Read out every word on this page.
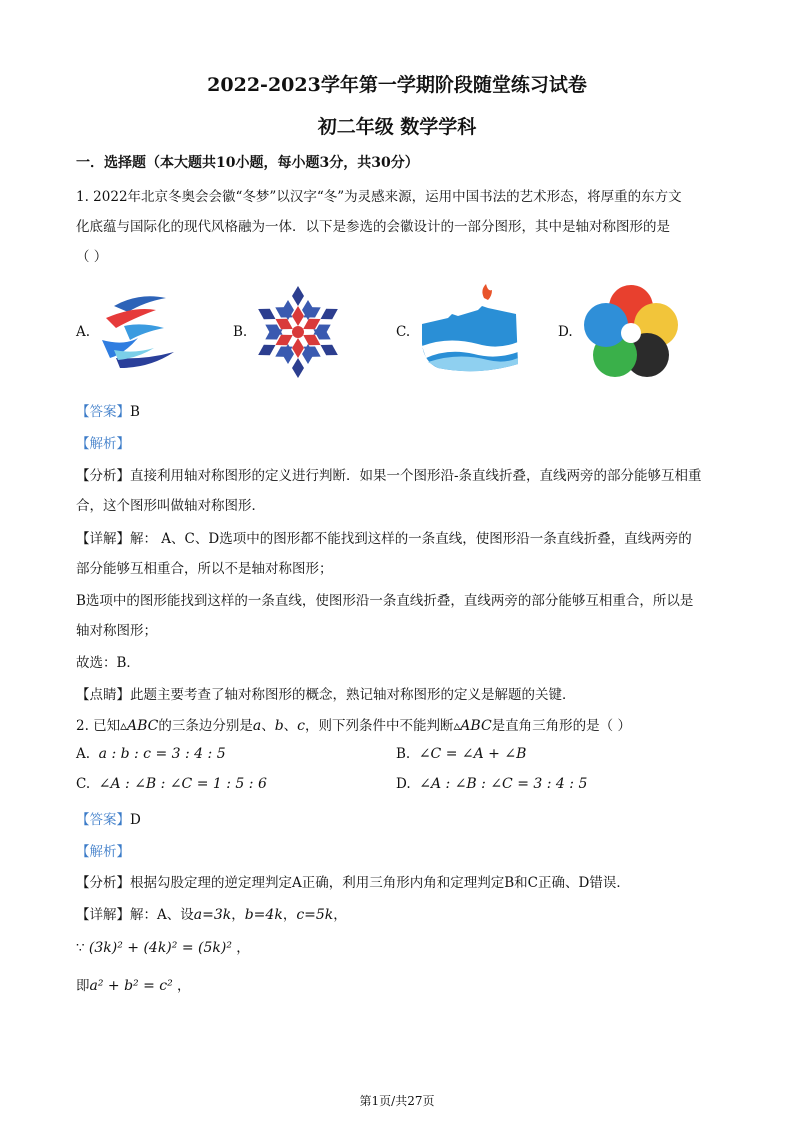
2022-2023学年第一学期阶段随堂练习试卷
初二年级 数学学科
一．选择题（本大题共10小题，每小题3分，共30分）
1. 2022年北京冬奥会会徽“冬梦”以汉字“冬”为灵感来源，运用中国书法的艺术形态，将厚重的东方文
化底蕴与国际化的现代风格融为一体．以下是参选的会徽设计的一部分图形，其中是轴对称图形的是
（ ）
A.	B.	C.	D.
【答案】B
【解析】
【分析】直接利用轴对称图形的定义进行判断．如果一个图形沿-条直线折叠，直线两旁的部分能够互相重
合，这个图形叫做轴对称图形．
【详解】解： A、C、D选项中的图形都不能找到这样的一条直线，使图形沿一条直线折叠，直线两旁的
部分能够互相重合，所以不是轴对称图形；
B选项中的图形能找到这样的一条直线，使图形沿一条直线折叠，直线两旁的部分能够互相重合，所以是
轴对称图形；
故选：B．
【点睛】此题主要考查了轴对称图形的概念，熟记轴对称图形的定义是解题的关键．
2. 已知▵ABC的三条边分别是a、b、c，则下列条件中不能判断▵ABC是直角三角形的是（ ）
A. a : b : c = 3 : 4 : 5	B. ∠C = ∠A + ∠B
C. ∠A : ∠B : ∠C = 1 : 5 : 6	D. ∠A : ∠B : ∠C = 3 : 4 : 5
【答案】D
【解析】
【分析】根据勾股定理的逆定理判定A正确，利用三角形内角和定理判定B和C正确、D错误．
【详解】解：A、设a=3k，b=4k，c=5k，
∵ (3k)² + (4k)² = (5k)² ，
即a² + b² = c² ，
第1页/共27页
